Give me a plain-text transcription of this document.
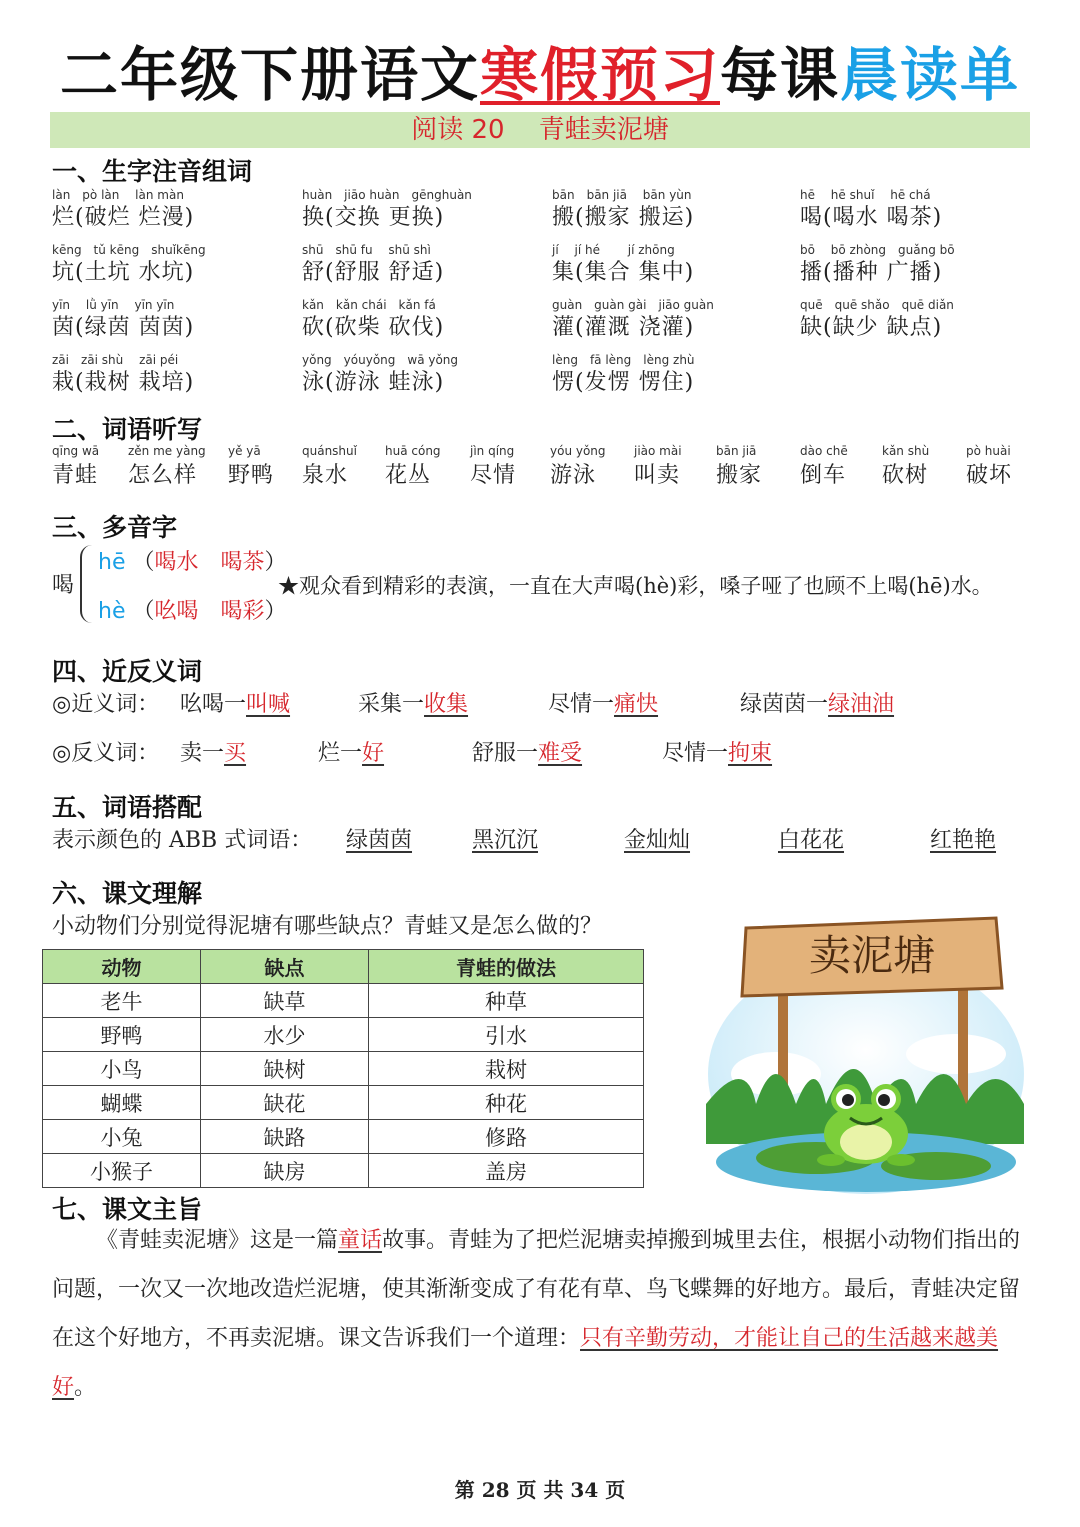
二年级下册语文寒假预习每课晨读单
阅读 20　 青蛙卖泥塘
一、生字注音组词
làn　pò làn　 làn màn
烂(破烂 烂漫)
huàn　jiāo huàn　gēnghuàn
换(交换 更换)
bān　bān jiā　 bān yùn
搬(搬家 搬运)
hē　 hē shuǐ　 hē chá
喝(喝水 喝茶)
kēng　tǔ kēng　shuǐkēng
坑(土坑 水坑)
shū　shū fu　 shū shì
舒(舒服 舒适)
jí　 jí hé　　 jí zhōng
集(集合 集中)
bō　 bō zhòng　guǎng bō
播(播种 广播)
yīn　 lǜ yīn　 yīn yīn
茵(绿茵 茵茵)
kǎn　kǎn chái　kǎn fá
砍(砍柴 砍伐)
guàn　guàn gài　jiāo guàn
灌(灌溉 浇灌)
quē　quē shǎo　quē diǎn
缺(缺少 缺点)
zāi　zāi shù　 zāi péi
栽(栽树 栽培)
yǒng　yóuyǒng　wā yǒng
泳(游泳 蛙泳)
lèng　fā lèng　lèng zhù
愣(发愣 愣住)
二、词语听写
qīng wā
青蛙
zěn me yàng
怎么样
yě yā
野鸭
quánshuǐ
泉水
huā cóng
花丛
jìn qíng
尽情
yóu yǒng
游泳
jiào mài
叫卖
bān jiā
搬家
dào chē
倒车
kǎn shù
砍树
pò huài
破坏
三、多音字
喝
hē （喝水　喝茶）
hè （吆喝　喝彩）
★观众看到精彩的表演，一直在大声喝(hè)彩，嗓子哑了也顾不上喝(hē)水。
四、近反义词
◎近义词： 吆喝一叫喊	采集一收集	尽情一痛快	绿茵茵一绿油油
◎反义词： 卖一买	烂一好	舒服一难受	尽情一拘束
五、词语搭配
表示颜色的 ABB 式词语： 绿茵茵	黑沉沉	金灿灿	白花花	红艳艳
六、课文理解
小动物们分别觉得泥塘有哪些缺点？青蛙又是怎么做的？
动物	缺点	青蛙的做法
老牛	缺草	种草
野鸭	水少	引水
小鸟	缺树	栽树
蝴蝶	缺花	种花
小兔	缺路	修路
小猴子	缺房	盖房
卖泥塘
七、课文主旨
《青蛙卖泥塘》这是一篇童话故事。青蛙为了把烂泥塘卖掉搬到城里去住，根据小动物们指出的问题，一次又一次地改造烂泥塘，使其渐渐变成了有花有草、鸟飞蝶舞的好地方。最后，青蛙决定留在这个好地方，不再卖泥塘。课文告诉我们一个道理：只有辛勤劳动，才能让自己的生活越来越美好。
第 28 页 共 34 页
